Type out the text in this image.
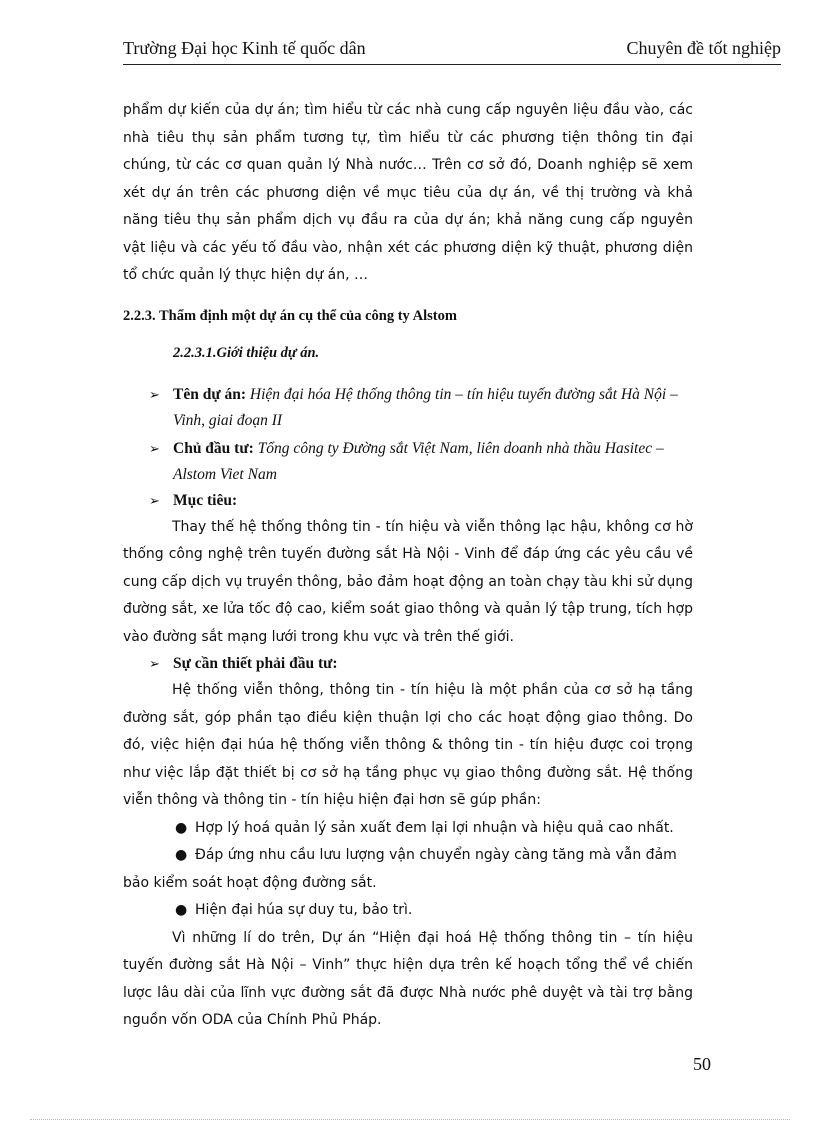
Trường Đại học Kinh tế quốc dân	Chuyên đề tốt nghiệp

phẩm dự kiến của dự án; tìm hiểu từ các nhà cung cấp nguyên liệu đầu vào, các nhà tiêu thụ sản phẩm tương tự, tìm hiểu từ các phương tiện thông tin đại chúng, từ các cơ quan quản lý Nhà nước… Trên cơ sở đó, Doanh nghiệp sẽ xem xét dự án trên các phương diện về mục tiêu của dự án, về thị trường và khả năng tiêu thụ sản phẩm dịch vụ đầu ra của dự án; khả năng cung cấp nguyên vật liệu và các yếu tố đầu vào, nhận xét các phương diện kỹ thuật, phương diện tổ chức quản lý thực hiện dự án, …

2.2.3. Thẩm định một dự án cụ thể của công ty Alstom

2.2.3.1.Giới thiệu dự án.

➢ Tên dự án: Hiện đại hóa Hệ thống thông tin – tín hiệu tuyến đường sắt Hà Nội – Vinh, giai đoạn II
➢ Chủ đầu tư: Tổng công ty Đường sắt Việt Nam, liên doanh nhà thầu Hasitec – Alstom Viet Nam
➢ Mục tiêu:

Thay thế hệ thống thông tin - tín hiệu và viễn thông lạc hậu, không cơ hờ thống công nghệ trên tuyến đường sắt Hà Nội - Vinh để đáp ứng các yêu cầu về cung cấp dịch vụ truyền thông, bảo đảm hoạt động an toàn chạy tàu khi sử dụng đường sắt, xe lửa tốc độ cao, kiểm soát giao thông và quản lý tập trung, tích hợp vào đường sắt mạng lưới trong khu vực và trên thế giới.

➢ Sự cần thiết phải đầu tư:

Hệ thống viễn thông, thông tin - tín hiệu là một phần của cơ sở hạ tầng đường sắt, góp phần tạo điều kiện thuận lợi cho các hoạt động giao thông. Do đó, việc hiện đại húa hệ thống viễn thông & thông tin - tín hiệu được coi trọng như việc lắp đặt thiết bị cơ sở hạ tầng phục vụ giao thông đường sắt. Hệ thống viễn thông và thông tin - tín hiệu hiện đại hơn sẽ gúp phần:

● Hợp lý hoá quản lý sản xuất đem lại lợi nhuận và hiệu quả cao nhất.
● Đáp ứng nhu cầu lưu lượng vận chuyển ngày càng tăng mà vẫn đảm bảo kiểm soát hoạt động đường sắt.
● Hiện đại húa sự duy tu, bảo trì.

Vì những lí do trên, Dự án “Hiện đại hoá Hệ thống thông tin – tín hiệu tuyến đường sắt Hà Nội – Vinh” thực hiện dựa trên kế hoạch tổng thể về chiến lược lâu dài của lĩnh vực đường sắt đã được Nhà nước phê duyệt và tài trợ bằng nguồn vốn ODA của Chính Phủ Pháp.

50
